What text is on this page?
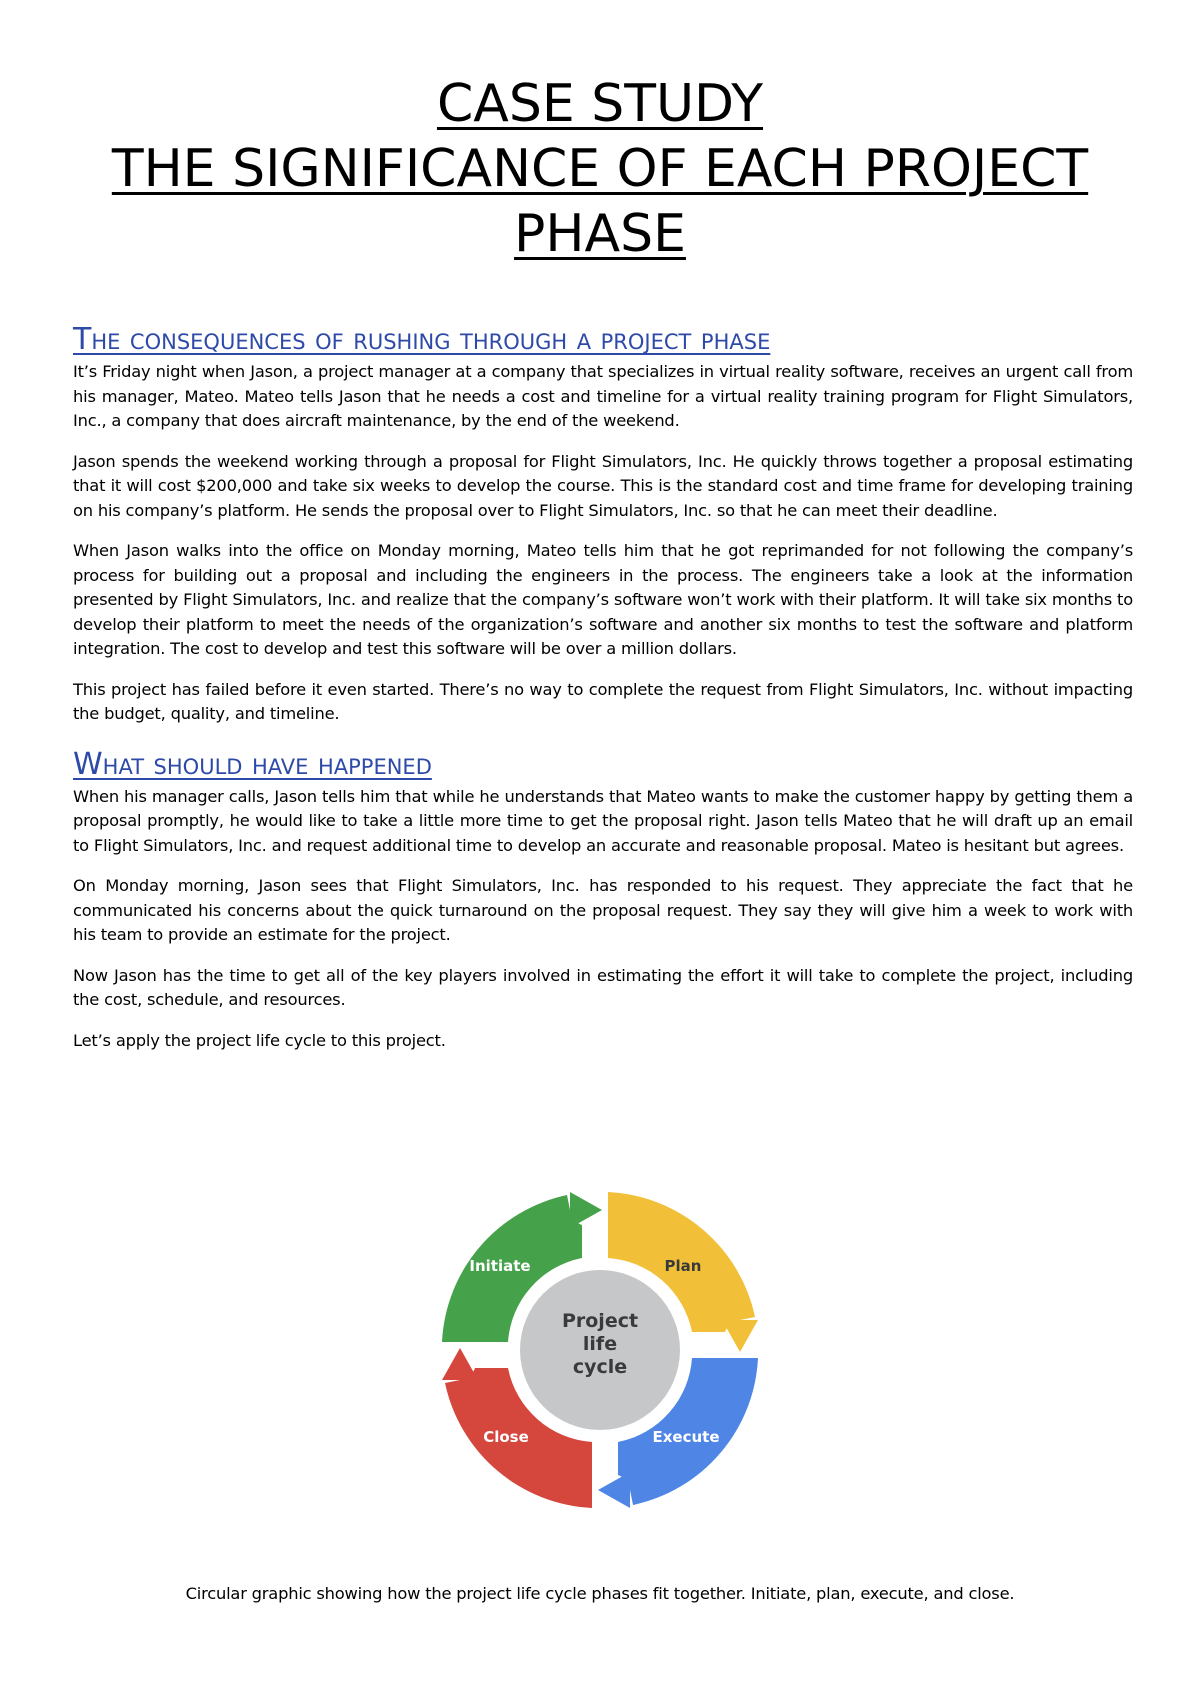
CASE STUDY
THE SIGNIFICANCE OF EACH PROJECT
PHASE
The consequences of rushing through a project phase

It’s Friday night when Jason, a project manager at a company that specializes in virtual reality software, receives an urgent call from his manager, Mateo. Mateo tells Jason that he needs a cost and timeline for a virtual reality training program for Flight Simulators, Inc., a company that does aircraft maintenance, by the end of the weekend.

Jason spends the weekend working through a proposal for Flight Simulators, Inc. He quickly throws together a proposal estimating that it will cost $200,000 and take six weeks to develop the course. This is the standard cost and time frame for developing training on his company’s platform. He sends the proposal over to Flight Simulators, Inc. so that he can meet their deadline.

When Jason walks into the office on Monday morning, Mateo tells him that he got reprimanded for not following the company’s process for building out a proposal and including the engineers in the process. The engineers take a look at the information presented by Flight Simulators, Inc. and realize that the company’s software won’t work with their platform. It will take six months to develop their platform to meet the needs of the organization’s software and another six months to test the software and platform integration. The cost to develop and test this software will be over a million dollars.

This project has failed before it even started. There’s no way to complete the request from Flight Simulators, Inc. without impacting the budget, quality, and timeline.

What should have happened

When his manager calls, Jason tells him that while he understands that Mateo wants to make the customer happy by getting them a proposal promptly, he would like to take a little more time to get the proposal right. Jason tells Mateo that he will draft up an email to Flight Simulators, Inc. and request additional time to develop an accurate and reasonable proposal. Mateo is hesitant but agrees.

On Monday morning, Jason sees that Flight Simulators, Inc. has responded to his request. They appreciate the fact that he communicated his concerns about the quick turnaround on the proposal request. They say they will give him a week to work with his team to provide an estimate for the project.

Now Jason has the time to get all of the key players involved in estimating the effort it will take to complete the project, including the cost, schedule, and resources.

Let’s apply the project life cycle to this project.

Project
life
cycle
Initiate	Plan
Execute
Close
Circular graphic showing how the project life cycle phases fit together. Initiate, plan, execute, and close.
